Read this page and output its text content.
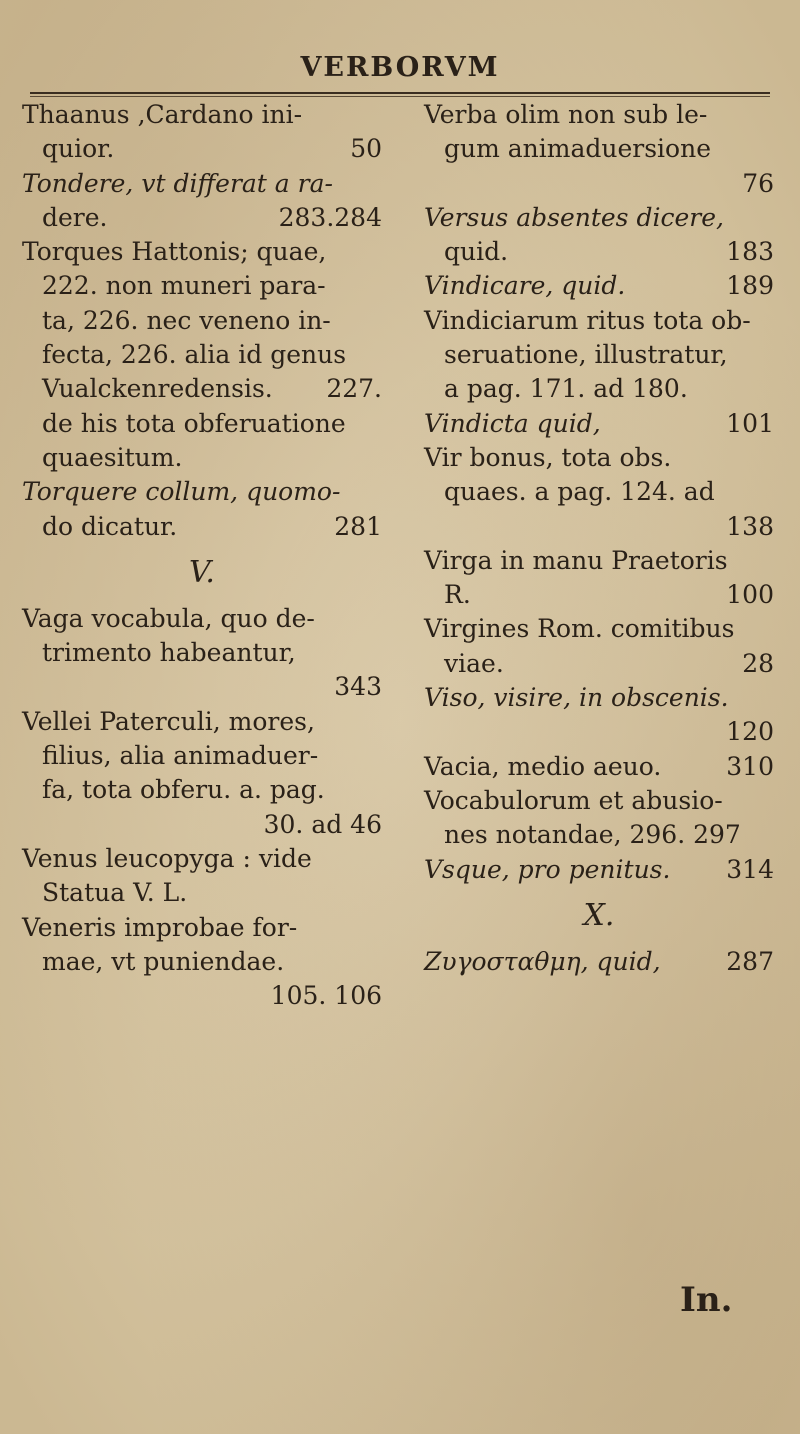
VERBORVM
Thaanus ,Cardano ini-
quior.	50
Tondere, vt differat a ra-
dere.	283.284
Torques Hattonis; quae,
222. non muneri para-
ta, 226. nec veneno in-
fecta, 226. alia id genus
Vualckenredensis. 227.
de his tota obferuatione
quaesitum.
Torquere collum, quomo-
do dicatur.	281
V.
Vaga vocabula, quo de-
trimento habeantur,
343
Vellei Paterculi, mores,
filius, alia animaduer-
fa, tota obferu. a. pag.
30. ad 46
Venus leucopyga : vide
Statua V. L.
Veneris improbae for-
mae, vt puniendae.
105. 106
Verba olim non sub le-
gum animaduersione
76
Versus absentes dicere,
quid.	183
Vindicare, quid.	189
Vindiciarum ritus tota ob-
seruatione, illustratur,
a pag. 171. ad 180.
Vindicta quid,	101
Vir bonus, tota obs.
quaes. a pag. 124. ad
138
Virga in manu Praetoris
R.	100
Virgines Rom. comitibus
viae.	28
Viso, visire, in obscenis.
120
Vacia, medio aeuo.	310
Vocabulorum et abusio-
nes notandae, 296. 297
Vsque, pro penitus. 314
X.
Ζυγοσταθμη, quid,	287
In.
